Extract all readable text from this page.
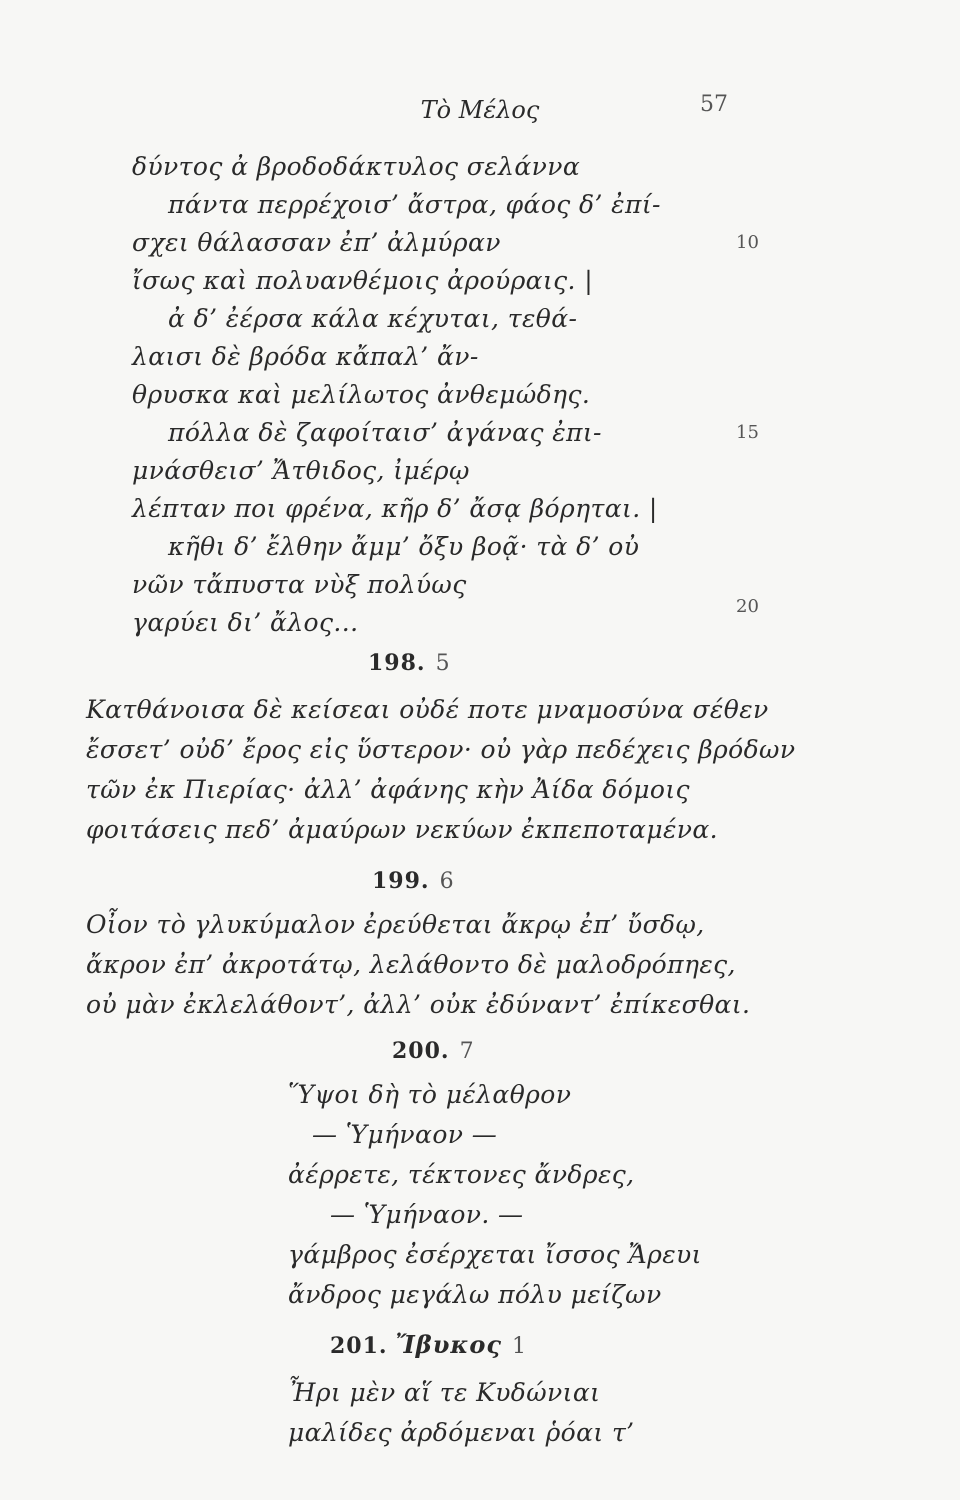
Τὸ Μέλος	57
δύντος ἀ βροδοδάκτυλος σελάννα
πάντα περρέχοισ’ ἄστρα, φάος δ’ ἐπί-
σχει θάλασσαν ἐπ’ ἀλμύραν	10
ἴσως καὶ πολυανθέμοις ἀρούραις. |
ἀ δ’ ἐέρσα κάλα κέχυται, τεθά-
λαισι δὲ βρόδα κἄπαλ’ ἄν-
θρυσκα καὶ μελίλωτος ἀνθεμώδης.
πόλλα δὲ ζαφοίταισ’ ἀγάνας ἐπι-	15
μνάσθεισ’ Ἄτθιδος, ἰμέρῳ
λέπταν ποι φρένα, κῆρ δ’ ἄσᾳ βόρηται. |
κῆθι δ’ ἔλθην ἄμμ’ ὄξυ βοᾷ· τὰ δ’ οὐ
νῶν τἄπυστα νὺξ πολύως
γαρύει δι’ ἄλος...
20
198. 5
Κατθάνοισα δὲ κείσεαι οὐδέ ποτε μναμοσύνα σέθεν
ἔσσετ’ οὐδ’ ἔρος εἰς ὕστερον· οὐ γὰρ πεδέχεις βρόδων
τῶν ἐκ Πιερίας· ἀλλ’ ἀφάνης κὴν Ἀίδα δόμοις
φοιτάσεις πεδ’ ἀμαύρων νεκύων ἐκπεποταμένα.
199. 6
Οἶον τὸ γλυκύμαλον ἐρεύθεται ἄκρῳ ἐπ’ ὔσδῳ,
ἄκρον ἐπ’ ἀκροτάτῳ, λελάθοντο δὲ μαλοδρόπηες,
οὐ μὰν ἐκλελάθοντ’, ἀλλ’ οὐκ ἐδύναντ’ ἐπίκεσθαι.
200. 7
Ὕψοι δὴ τὸ μέλαθρον
— Ὑμήναον —
ἀέρρετε, τέκτονες ἄνδρες,
— Ὑμήναον. —
γάμβρος ἐσέρχεται ἴσσος Ἄρευι
ἄνδρος μεγάλω πόλυ μείζων
201. Ἴβυκος 1
Ἦρι μὲν αἵ τε Κυδώνιαι
μαλίδες ἀρδόμεναι ῥόαι τ’
